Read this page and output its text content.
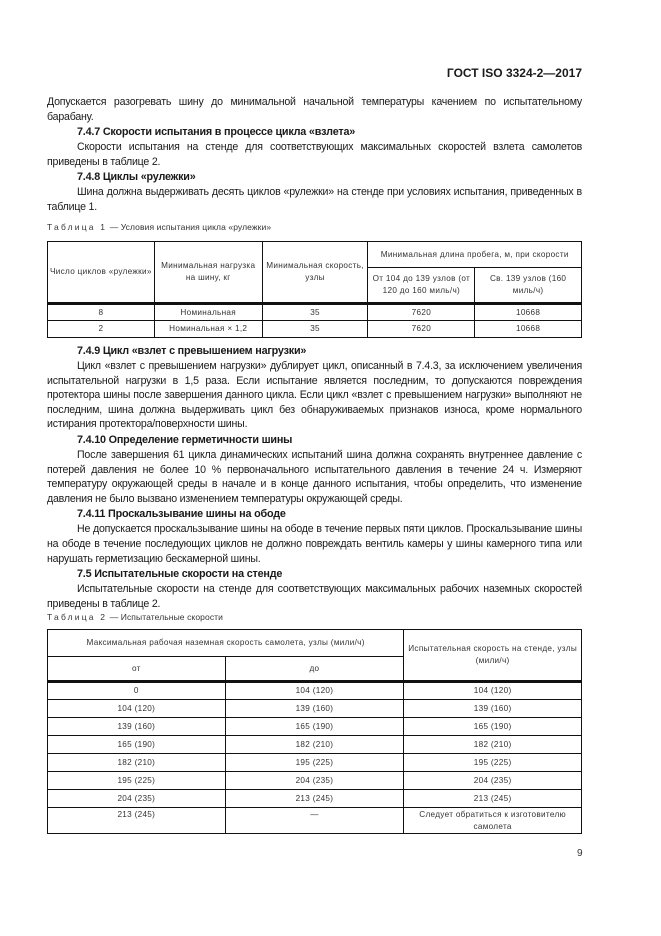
ГОСТ ISO 3324-2—2017

Допускается разогревать шину до минимальной начальной температуры качением по испытательному барабану.

7.4.7 Скорости испытания в процессе цикла «взлета»

Скорости испытания на стенде для соответствующих максимальных скоростей взлета самолетов приведены в таблице 2.

7.4.8 Циклы «рулежки»

Шина должна выдерживать десять циклов «рулежки» на стенде при условиях испытания, приведенных в таблице 1.

Таблица 1 — Условия испытания цикла «рулежки»
Число циклов «рулежки»	Минимальная нагрузка на шину, кг	Минимальная скорость, узлы	Минимальная длина пробега, м, при скорости	
			От 104 до 139 узлов (от 120 до 160 миль/ч)	Св. 139 узлов (160 миль/ч)
8	Номинальная	35	7620	10668
2	Номинальная × 1,2	35	7620	10668

7.4.9 Цикл «взлет с превышением нагрузки»

Цикл «взлет с превышением нагрузки» дублирует цикл, описанный в 7.4.3, за исключением увеличения испытательной нагрузки в 1,5 раза. Если испытание является последним, то допускаются повреждения протектора шины после завершения данного цикла. Если цикл «взлет с превышением нагрузки» выполняют не последним, шина должна выдерживать цикл без обнаруживаемых признаков износа, кроме нормального истирания протектора/поверхности шины.

7.4.10 Определение герметичности шины

После завершения 61 цикла динамических испытаний шина должна сохранять внутреннее давление с потерей давления не более 10 % первоначального испытательного давления в течение 24 ч. Измеряют температуру окружающей среды в начале и в конце данного испытания, чтобы определить, что изменение давления не было вызвано изменением температуры окружающей среды.

7.4.11 Проскальзывание шины на ободе

Не допускается проскальзывание шины на ободе в течение первых пяти циклов. Проскальзывание шины на ободе в течение последующих циклов не должно повреждать вентиль камеры у шины камерного типа или нарушать герметизацию бескамерной шины.

7.5 Испытательные скорости на стенде

Испытательные скорости на стенде для соответствующих максимальных рабочих наземных скоростей приведены в таблице 2.

Таблица 2 — Испытательные скорости
Максимальная рабочая наземная скорость самолета, узлы (мили/ч)		Испытательная скорость на стенде, узлы (мили/ч)
от	до	
0	104 (120)	104 (120)
104 (120)	139 (160)	139 (160)
139 (160)	165 (190)	165 (190)
165 (190)	182 (210)	182 (210)
182 (210)	195 (225)	195 (225)
195 (225)	204 (235)	204 (235)
204 (235)	213 (245)	213 (245)
213 (245)	—	Следует обратиться к изготовителю самолета
9
